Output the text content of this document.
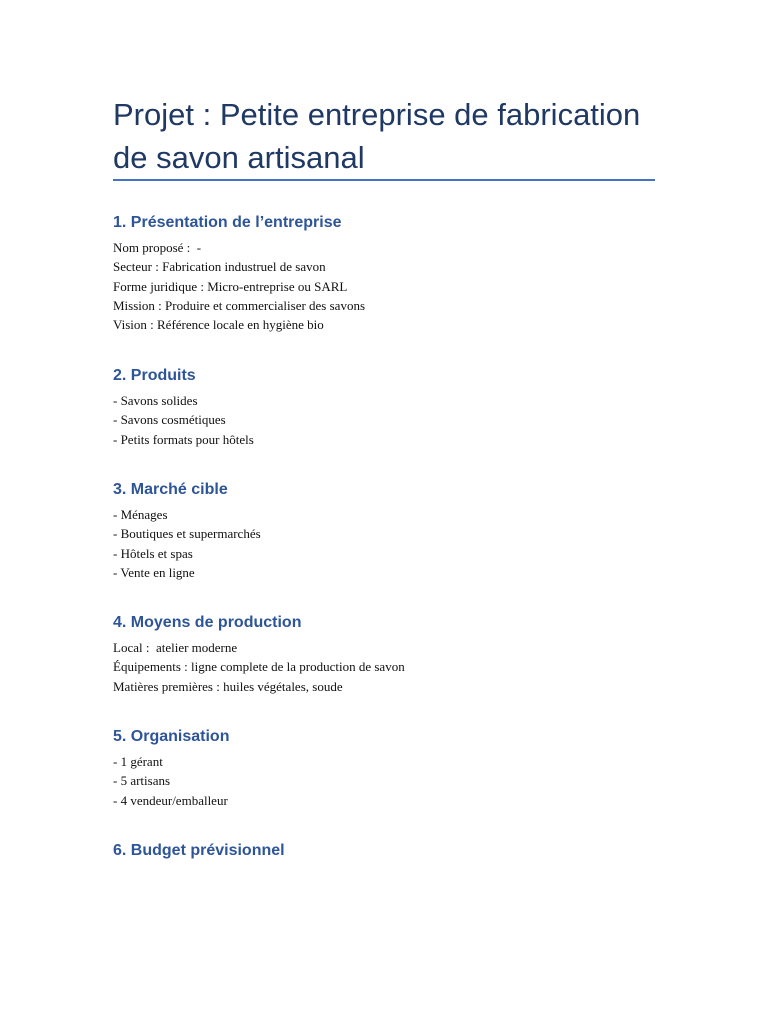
Projet : Petite entreprise de fabrication de savon artisanal
1. Présentation de l’entreprise
Nom proposé :  -
Secteur : Fabrication industruel de savon
Forme juridique : Micro-entreprise ou SARL
Mission : Produire et commercialiser des savons
Vision : Référence locale en hygiène bio
2. Produits
- Savons solides
- Savons cosmétiques
- Petits formats pour hôtels
3. Marché cible
- Ménages
- Boutiques et supermarchés
- Hôtels et spas
- Vente en ligne
4. Moyens de production
Local :  atelier moderne
Équipements : ligne complete de la production de savon
Matières premières : huiles végétales, soude
5. Organisation
- 1 gérant
- 5 artisans
- 4 vendeur/emballeur
6. Budget prévisionnel
